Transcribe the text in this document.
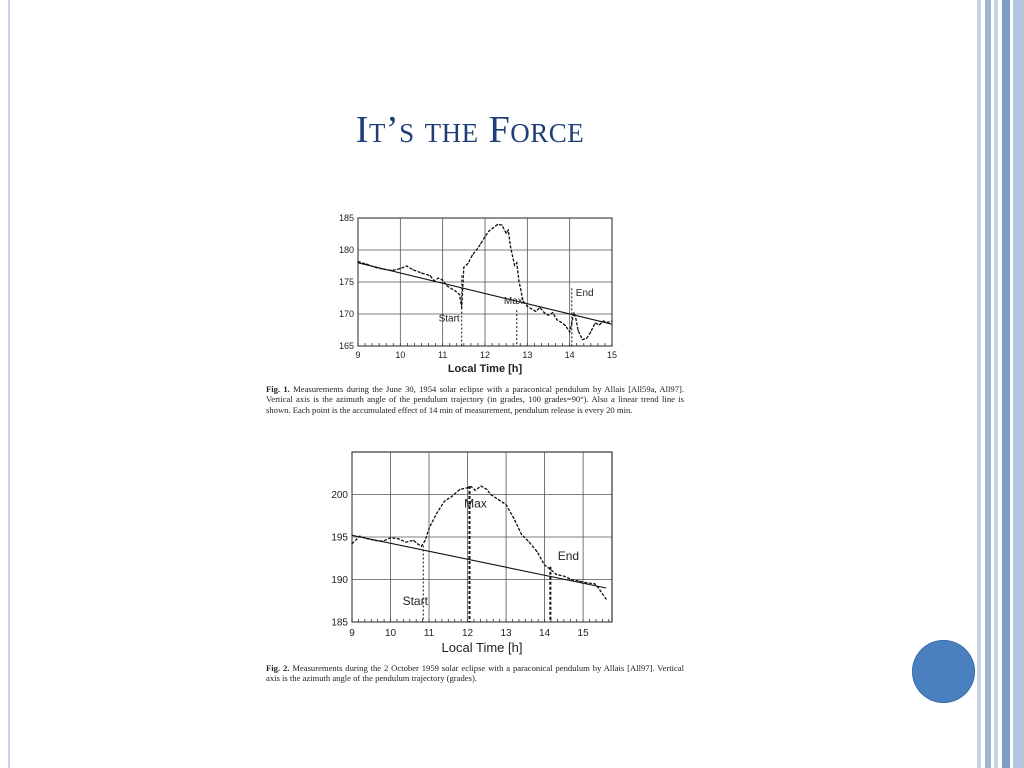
It’s the Force
9	10	11	12	13	14	15
165
170
175
180
185
Local Time [h]
Start
Max.
End
Fig. 1. Measurements during the June 30, 1954 solar eclipse with a paraconical pendulum by Allais [All59a, All97]. Vertical axis is the azimuth angle of the pendulum trajectory (in grades, 100 grades=90°). Also a linear trend line is shown. Each point is the accumulated effect of 14 min of measurement, pendulum release is every 20 min.
9	10	11	12	13	14	15
185
190
195
200
Local Time [h]
Start
Max
End
Fig. 2. Measurements during the 2 October 1959 solar eclipse with a paraconical pendulum by Allais [All97]. Vertical axis is the azimuth angle of the pendulum trajectory (grades).
